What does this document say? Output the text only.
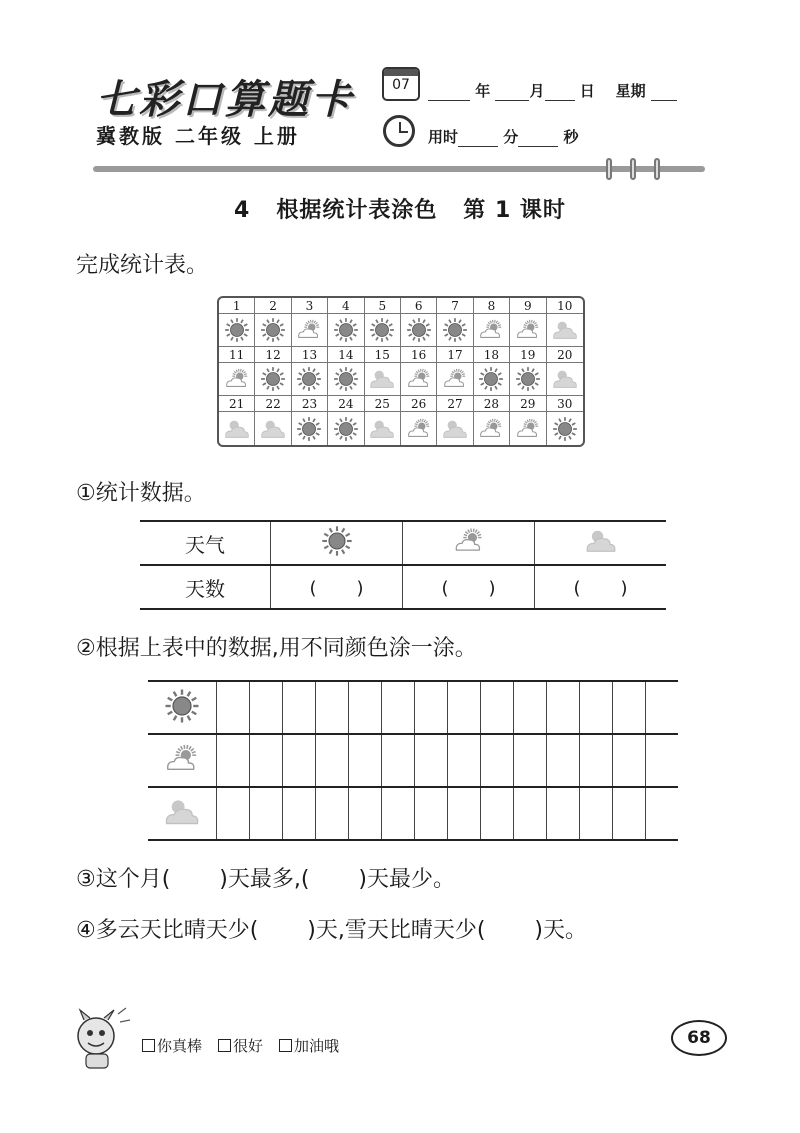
七彩口算题卡
冀教版 二年级 上册
07	年	月 日 星期
用时	分	秒
4   根据统计表涂色   第 1 课时
完成统计表。
1	2	3	4	5	6	7	8	9	10
11	12	13	14	15	16	17	18	19	20
21	22	23	24	25	26	27	28	29	30
①统计数据。
天气			
天数	(       )	(       )	(       )
②根据上表中的数据,用不同颜色涂一涂。

③这个月(       )天最多,(       )天最少。
④多云天比晴天少(       )天,雪天比晴天少(       )天。
你真棒 很好 加油哦	68
